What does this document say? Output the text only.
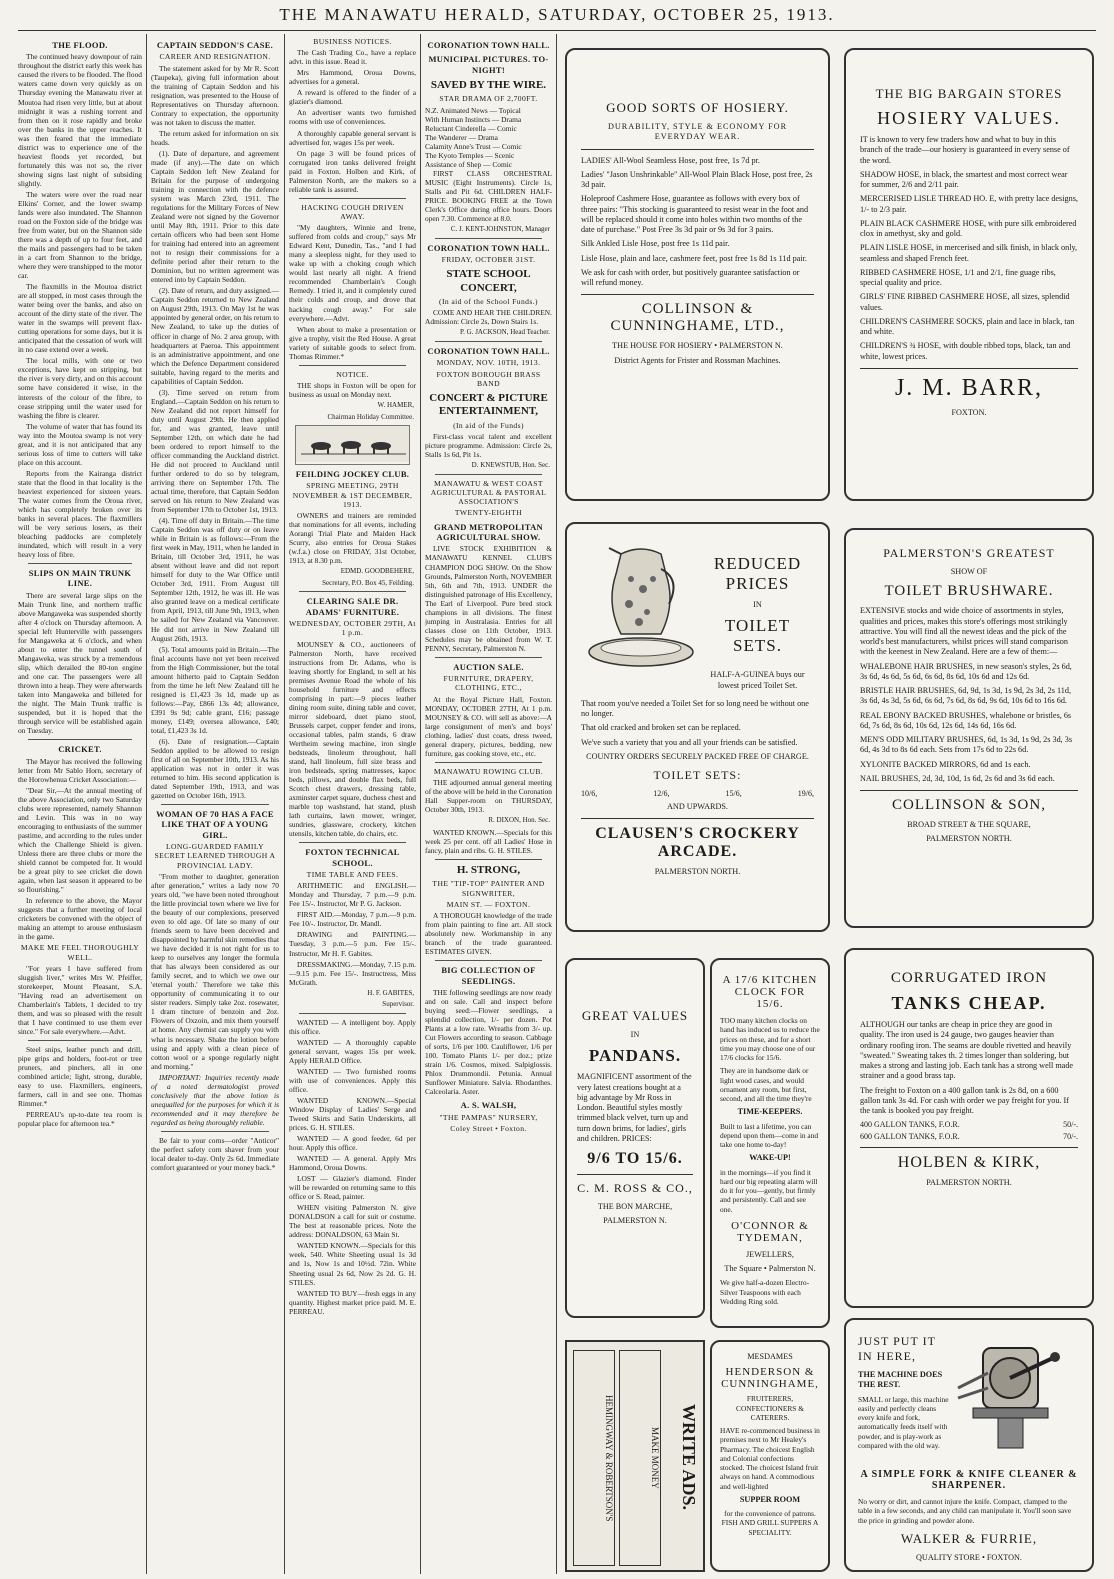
THE MANAWATU HERALD, SATURDAY, OCTOBER 25, 1913.
THE FLOOD.

The continued heavy downpour of rain throughout the district early this week has caused the rivers to be flooded. The flood waters came down very quickly as on Thursday evening the Manawatu river at Moutoa had risen very little, but at about midnight it was a rushing torrent and from then on it rose rapidly and broke over the banks in the upper reaches. It was then feared that the immediate district was to experience one of the heaviest floods yet recorded, but fortunately this was not so, the river showing signs last night of subsiding slightly.

The waters were over the road near Elkins' Corner, and the lower swamp lands were also inundated. The Shannon road on the Foxton side of the bridge was free from water, but on the Shannon side there was a depth of up to four feet, and the mails and passengers had to be taken in a cart from Shannon to the bridge, where they were transhipped to the motor car.

The flaxmills in the Moutoa district are all stopped, in most cases through the water being over the banks, and also on account of the dirty state of the river. The water in the swamps will prevent flax-cutting operations for some days, but it is anticipated that the cessation of work will in no case extend over a week.

The local mills, with one or two exceptions, have kept on stripping, but the river is very dirty, and on this account some have considered it wise, in the interests of the colour of the fibre, to cease stripping until the water used for washing the fibre is clearer.

The volume of water that has found its way into the Moutoa swamp is not very great, and it is not anticipated that any serious loss of time to cutters will take place on this account.

Reports from the Kairanga district state that the flood in that locality is the heaviest experienced for sixteen years. The water comes from the Oroua river, which has completely broken over its banks in several places. The flaxmillers will be very serious losers, as their bleaching paddocks are completely inundated, which will result in a very heavy loss of fibre.

SLIPS ON MAIN TRUNK LINE.

There are several large slips on the Main Trunk line, and northern traffic above Mangaweka was suspended shortly after 4 o'clock on Thursday afternoon. A special left Hunterville with passengers for Mangaweka at 6 o'clock, and when about to enter the tunnel south of Mangaweka, was struck by a tremendous slip, which derailed the 80-ton engine and one car. The passengers were all thrown into a heap. They were afterwards taken into Mangaweka and billeted for the night. The Main Trunk traffic is suspended, but it is hoped that the through service will be established again on Tuesday.

CRICKET.

The Mayor has received the following letter from Mr Sablo Horn, secretary of the Horowhenua Cricket Association:—

"Dear Sir,—At the annual meeting of the above Association, only two Saturday clubs were represented, namely Shannon and Levin. This was in no way encouraging to enthusiasts of the summer pastime, and according to the rules under which the Challenge Shield is given. Unless there are three clubs or more the shield cannot be competed for. It would be a great pity to see cricket die down again, when last season it appeared to be so flourishing."

In reference to the above, the Mayor suggests that a further meeting of local cricketers be convened with the object of making an attempt to arouse enthusiasm in the game.

MAKE ME FEEL THOROUGHLY WELL.

"For years I have suffered from sluggish liver," writes Mrs W. Pfeiffer, storekeeper, Mount Pleasant, S.A. "Having read an advertisement on Chamberlain's Tablets, I decided to try them, and was so pleased with the result that I have continued to use them ever since." For sale everywhere.—Advt.

Steel snips, leather punch and drill, pipe grips and holders, foot-rot or tree pruners, and pinchers, all in one combined article; light, strong, durable, easy to use. Flaxmillers, engineers, farmers, call in and see one. Thomas Rimmer.*

PERREAU's up-to-date tea room is popular place for afternoon tea.*

CAPTAIN SEDDON'S CASE.
CAREER AND RESIGNATION.

The statement asked for by Mr R. Scott (Taupeka), giving full information about the training of Captain Seddon and his resignation, was presented to the House of Representatives on Thursday afternoon. Contrary to expectation, the opportunity was not taken to discuss the matter.

The return asked for information on six heads.

(1). Date of departure, and agreement made (if any).—The date on which Captain Seddon left New Zealand for Britain for the purpose of undergoing training in connection with the defence system was March 23rd, 1911. The regulations for the Military Forces of New Zealand were not signed by the Governor until May 8th, 1911. Prior to this date certain officers who had been sent Home for training had entered into an agreement not to resign their commissions for a definite period after their return to the Dominion, but no written agreement was entered into by Captain Seddon.

(2). Date of return, and duty assigned.—Captain Seddon returned to New Zealand on August 29th, 1913. On May 1st he was appointed by general order, on his return to New Zealand, to take up the duties of officer in charge of No. 2 area group, with headquarters at Paeroa. This appointment is an administrative appointment, and one which the Defence Department considered suitable, having regard to the merits and capabilities of Captain Seddon.

(3). Time served on return from England.—Captain Seddon on his return to New Zealand did not report himself for duty until August 29th. He then applied for, and was granted, leave until September 12th, on which date he had been ordered to report himself to the officer commanding the Auckland district. He did not proceed to Auckland until further ordered to do so by telegram, arriving there on September 17th. The actual time, therefore, that Captain Seddon served on his return to New Zealand was from September 17th to October 1st, 1913.

(4). Time off duty in Britain.—The time Captain Seddon was off duty or on leave while in Britain is as follows:—From the first week in May, 1911, when he landed in Britain, till October 3rd, 1911, he was absent without leave and did not report himself for duty to the War Office until October 3rd, 1911. From August till September 12th, 1912, he was ill. He was also granted leave on a medical certificate from April, 1913, till June 9th, 1913, when he sailed for New Zealand via Vancouver. He did not arrive in New Zealand till August 26th, 1913.

(5). Total amounts paid in Britain.—The final accounts have not yet been received from the High Commissioner, but the total amount hitherto paid to Captain Seddon from the time he left New Zealand till he resigned is £1,423 3s 1d, made up as follows:—Pay, £866 13s 4d; allowance, £391 9s 9d; cable grant, £16; passage money, £149; oversea allowance, £40; total, £1,423 3s 1d.

(6). Date of resignation.—Captain Seddon applied to be allowed to resign first of all on September 10th, 1913. As his application was not in order it was returned to him. His second application is dated September 19th, 1913, and was gazetted on October 16th, 1913.

WOMAN OF 70 HAS A FACE LIKE THAT OF A YOUNG GIRL.
LONG-GUARDED FAMILY SECRET LEARNED THROUGH A PROVINCIAL LADY.

"From mother to daughter, generation after generation," writes a lady now 70 years old, "we have been noted throughout the little provincial town where we live for the beauty of our complexions, preserved even to old age. Of late so many of our friends seem to have been deceived and disappointed by harmful skin remedies that we have decided it is not right for us to keep to ourselves any longer the formula that has always been considered as our family secret, and to which we owe our 'eternal youth.' Therefore we take this opportunity of communicating it to our sister readers. Simply take 2oz. rosewater, 1 dram tincture of benzoin and 2oz. Flowers of Oxzoin, and mix them yourself at home. Any chemist can supply you with what is necessary. Shake the lotion before using and apply with a clean piece of cotton wool or a sponge regularly night and morning."

IMPORTANT: Inquiries recently made of a noted dermatologist proved conclusively that the above lotion is unequalled for the purposes for which it is recommended and it may therefore be regarded as being thoroughly reliable.

Be fair to your corns—order "Anticor" the perfect safety corn shaver from your local dealer to-day. Only 2s 6d. Immediate comfort guaranteed or your money back.*

BUSINESS NOTICES.

The Cash Trading Co., have a replace advt. in this issue. Read it.

Mrs Hammond, Oroua Downs, advertises for a general.

A reward is offered to the finder of a glazier's diamond.

An advertiser wants two furnished rooms with use of conveniences.

A thoroughly capable general servant is advertised for, wages 15s per week.

On page 3 will be found prices of corrugated iron tanks delivered freight paid in Foxton. Holben and Kirk, of Palmerston North, are the makers so a reliable tank is assured.

HACKING COUGH DRIVEN AWAY.

"My daughters, Winnie and Irene, suffered from colds and croup," says Mr Edward Kent, Dunedin, Tas., "and I had many a sleepless night, for they used to wake up with a choking cough which would last nearly all night. A friend recommended Chamberlain's Cough Remedy. I tried it, and it completely cured their colds and croup, and drove that hacking cough away." For sale everywhere.—Advt.

When about to make a presentation or give a trophy, visit the Red House. A great variety of suitable goods to select from. Thomas Rimmer.*

NOTICE.

THE shops in Foxton will be open for business as usual on Monday next.

W. HAMER,
Chairman Holiday Committee.
FEILDING JOCKEY CLUB.
SPRING MEETING, 29TH NOVEMBER & 1ST DECEMBER, 1913.

OWNERS and trainers are reminded that nominations for all events, including Aorangi Trial Plate and Maiden Hack Scurry, also entries for Oroua Stakes (w.f.a.) close on FRIDAY, 31st October, 1913, at 8.30 p.m.

EDMD. GOODBEHERE,
Secretary, P.O. Box 45, Feilding.
CLEARING SALE DR. ADAMS' FURNITURE.
WEDNESDAY, OCTOBER 29TH, At 1 p.m.

MOUNSEY & CO., auctioneers of Palmerston North, have received instructions from Dr. Adams, who is leaving shortly for England, to sell at his premises Avenue Road the whole of his household furniture and effects comprising in part:—9 pieces leather dining room suite, dining table and cover, mirror sideboard, duet piano stool, Brussels carpet, copper fender and irons, occasional tables, palm stands, 6 draw Wertheim sewing machine, iron single bedsteads, linoleum throughout, hall stand, hall linoleum, full size brass and iron bedsteads, spring mattresses, kapoc beds, pillows, and double flax beds, full Scotch chest drawers, dressing table, axminster carpet square, duchess chest and marble top washstand, hat stand, plush lath curtains, lawn mower, wringer, sundries, glassware, crockery, kitchen utensils, kitchen table, do chairs, etc.

FOXTON TECHNICAL SCHOOL.
TIME TABLE AND FEES.

ARITHMETIC and ENGLISH.—Monday and Thursday, 7 p.m.—9 p.m. Fee 15/-. Instructor, Mr P. G. Jackson.

FIRST AID.—Monday, 7 p.m.—9 p.m. Fee 10/-. Instructor, Dr. Mandl.

DRAWING and PAINTING.—Tuesday, 3 p.m.—5 p.m. Fee 15/-. Instructor, Mr H. F. Gabites.

DRESSMAKING.—Monday, 7.15 p.m.—9.15 p.m. Fee 15/-. Instructress, Miss McGrath.

H. F. GABITES,
Supervisor.

WANTED — A intelligent boy. Apply this office.

WANTED — A thoroughly capable general servant, wages 15s per week. Apply HERALD Office.

WANTED — Two furnished rooms with use of conveniences. Apply this office.

WANTED KNOWN.—Special Window Display of Ladies' Serge and Tweed Skirts and Satin Underskirts, all prices. G. H. STILES.

WANTED — A good feeder, 6d per hour. Apply this office.

WANTED — A general. Apply Mrs Hammond, Oroua Downs.

LOST — Glazier's diamond. Finder will be rewarded on returning same to this office or S. Read, painter.

WHEN visiting Palmerston N. give DONALDSON a call for suit or costume. The best at reasonable prices. Note the address: DONALDSON, 63 Main St.

WANTED KNOWN.—Specials for this week, 540. White Sheeting usual 1s 3d and 1s, Now 1s and 10½d. 72in. White Sheeting usual 2s 6d, Now 2s 2d. G. H. STILES.

WANTED TO BUY—fresh eggs in any quantity. Highest market price paid. M. E. PERREAU.

CORONATION TOWN HALL.
MUNICIPAL PICTURES. TO-NIGHT!
SAVED BY THE WIRE.
STAR DRAMA OF 2,700FT.
N.Z. Animated News — Topical
With Human Instincts — Drama
Reluctant Cinderella — Comic
The Wanderer — Drama
Calamity Anne's Trust — Comic
The Kyoto Temples — Scenic
Assistance of Shep — Comic

FIRST CLASS ORCHESTRAL MUSIC (Eight Instruments). Circle 1s, Stalls and Pit 6d. CHILDREN HALF-PRICE. BOOKING FREE at the Town Clerk's Office during office hours. Doors open 7.30. Commence at 8.0.

C. J. KENT-JOHNSTON, Manager
CORONATION TOWN HALL.
FRIDAY, OCTOBER 31ST.
STATE SCHOOL CONCERT,
(In aid of the School Funds.)

COME AND HEAR THE CHILDREN. Admission: Circle 2s, Down Stairs 1s.

P. G. JACKSON, Head Teacher.
CORONATION TOWN HALL.
MONDAY, NOV. 10TH, 1913.
FOXTON BOROUGH BRASS BAND
CONCERT & PICTURE ENTERTAINMENT,
(In aid of the Funds)

First-class vocal talent and excellent picture programme. Admission: Circle 2s, Stalls 1s 6d, Pit 1s.

D. KNEWSTUB, Hon. Sec.
MANAWATU & WEST COAST AGRICULTURAL & PASTORAL ASSOCIATION'S
TWENTY-EIGHTH
GRAND METROPOLITAN AGRICULTURAL SHOW.

LIVE STOCK EXHIBITION & MANAWATU KENNEL CLUB'S CHAMPION DOG SHOW. On the Show Grounds, Palmerston North, NOVEMBER 5th, 6th and 7th, 1913. UNDER the distinguished patronage of His Excellency, The Earl of Liverpool. Pure bred stock champions in all divisions. The finest jumping in Australasia. Entries for all classes close on 11th October, 1913. Schedules may be obtained from W. T. PENNY, Secretary, Palmerston N.

AUCTION SALE.
FURNITURE, DRAPERY, CLOTHING, ETC.,

At the Royal Picture Hall, Foxton. MONDAY, OCTOBER 27TH, At 1 p.m. MOUNSEY & CO. will sell as above:—A large consignment of men's and boys' clothing, ladies' dust coats, dress tweed, general drapery, pictures, bedding, new furniture, gas cooking stove, etc., etc.

MANAWATU ROWING CLUB.

THE adjourned annual general meeting of the above will be held in the Coronation Hall Supper-room on THURSDAY, October 30th, 1913.

R. DIXON, Hon. Sec.

WANTED KNOWN.—Specials for this week 25 per cent. off all Ladies' Hose in fancy, plain and ribs. G. H. STILES.

H. STRONG,
THE "TIP-TOP" PAINTER AND SIGNWRITER,
MAIN ST. — FOXTON.

A THOROUGH knowledge of the trade from plain painting to fine art. All stock absolutely new. Workmanship in any branch of the trade guaranteed. ESTIMATES GIVEN.

BIG COLLECTION OF SEEDLINGS.

THE following seedlings are now ready and on sale. Call and inspect before buying seed:—Flower seedlings, a splendid collection, 1/- per dozen. Pot Plants at a low rate. Wreaths from 3/- up. Cut Flowers according to season. Cabbage of sorts, 1/6 per 100. Cauliflower, 1/6 per 100. Tomato Plants 1/- per doz.; prize strain 1/6. Cosmos, mixed. Salpiglossis. Phlox Drummondii. Petunia. Annual Sunflower Miniature. Salvia. Rhodanthes. Calceolaria. Aster.

A. S. WALSH,
"THE PAMPAS" NURSERY,
Coley Street • Foxton.
GOOD SORTS OF HOSIERY.
DURABILITY, STYLE & ECONOMY FOR EVERYDAY WEAR.
LADIES' All-Wool Seamless Hose, post free, 1s 7d pr.
Ladies' "Jason Unshrinkable" All-Wool Plain Black Hose, post free, 2s 3d pair.
Holeproof Cashmere Hose, guarantee as follows with every box of three pairs: "This stocking is guaranteed to resist wear in the foot and will be replaced should it come into holes within two months of the date of purchase." Post Free 3s 3d pair or 9s 3d for 3 pairs.
Silk Ankled Lisle Hose, post free 1s 11d pair.
Lisle Hose, plain and lace, cashmere feet, post free 1s 8d 1s 11d pair.
We ask for cash with order, but positively guarantee satisfaction or will refund money.
COLLINSON & CUNNINGHAME, LTD.,
THE HOUSE FOR HOSIERY • PALMERSTON N.
District Agents for Frister and Rossman Machines.
THE BIG BARGAIN STORES
HOSIERY VALUES.
IT is known to very few traders how and what to buy in this branch of the trade—our hosiery is guaranteed in every sense of the word.
SHADOW HOSE, in black, the smartest and most correct wear for summer, 2/6 and 2/11 pair.
MERCERISED LISLE THREAD HO. E, with pretty lace designs, 1/- to 2/3 pair.
PLAIN BLACK CASHMERE HOSE, with pure silk embroidered clox in amethyst, sky and gold.
PLAIN LISLE HOSE, in mercerised and silk finish, in black only, seamless and shaped French feet.
RIBBED CASHMERE HOSE, 1/1 and 2/1, fine guage ribs, special quality and price.
GIRLS' FINE RIBBED CASHMERE HOSE, all sizes, splendid values.
CHILDREN'S CASHMERE SOCKS, plain and lace in black, tan and white.
CHILDREN'S ¾ HOSE, with double ribbed tops, black, tan and white, lowest prices.
J. M. BARR,
FOXTON.
REDUCED PRICES
IN
TOILET SETS.
HALF-A-GUINEA buys our lowest priced Toilet Set.
That room you've needed a Toilet Set for so long need be without one no longer.
That old cracked and broken set can be replaced.
We've such a variety that you and all your friends can be satisfied.
COUNTRY ORDERS SECURELY PACKED FREE OF CHARGE.
TOILET SETS:
10/6,	12/6,	15/6,	19/6,
AND UPWARDS.
CLAUSEN'S CROCKERY ARCADE.
PALMERSTON NORTH.
PALMERSTON'S GREATEST
SHOW OF
TOILET BRUSHWARE.
EXTENSIVE stocks and wide choice of assortments in styles, qualities and prices, makes this store's offerings most strikingly attractive. You will find all the newest ideas and the pick of the world's best manufacturers, whilst prices will stand comparison with the keenest in New Zealand. Here are a few of them:—
WHALEBONE HAIR BRUSHES, in new season's styles, 2s 6d, 3s 6d, 4s 6d, 5s 6d, 6s 6d, 8s 6d, 10s 6d and 12s 6d.
BRISTLE HAIR BRUSHES, 6d, 9d, 1s 3d, 1s 9d, 2s 3d, 2s 11d, 3s 6d, 4s 3d, 5s 6d, 6s 6d, 7s 6d, 8s 6d, 9s 6d, 10s 6d to 16s 6d.
REAL EBONY BACKED BRUSHES, whalebone or bristles, 6s 6d, 7s 6d, 8s 6d, 10s 6d, 12s 6d, 14s 6d, 16s 6d.
MEN'S ODD MILITARY BRUSHES, 6d, 1s 3d, 1s 9d, 2s 3d, 3s 6d, 4s 3d to 8s 6d each. Sets from 17s 6d to 22s 6d.
XYLONITE BACKED MIRRORS, 6d and 1s each.
NAIL BRUSHES, 2d, 3d, 10d, 1s 6d, 2s 6d and 3s 6d each.
COLLINSON & SON,
BROAD STREET & THE SQUARE,
PALMERSTON NORTH.
GREAT VALUES
IN
PANDANS.
MAGNIFICENT assortment of the very latest creations bought at a big advantage by Mr Ross in London. Beautiful styles mostly trimmed black velvet, turn up and turn down brims, for ladies', girls and children. PRICES:
9/6 TO 15/6.
C. M. ROSS & CO.,
THE BON MARCHE,
PALMERSTON N.
A 17/6 KITCHEN CLOCK FOR 15/6.
TOO many kitchen clocks on hand has induced us to reduce the prices on these, and for a short time you may choose one of our 17/6 clocks for 15/6.
They are in handsome dark or light wood cases, and would ornament any room, but first, second, and all the time they're
TIME-KEEPERS.
Built to last a lifetime, you can depend upon them—come in and take one home to-day!
WAKE-UP!
in the mornings—if you find it hard our big repeating alarm will do it for you—gently, but firmly and persistently. Call and see one.
O'CONNOR & TYDEMAN,
JEWELLERS,
The Square • Palmerston N.
We give half-a-dozen Electro-Silver Teaspoons with each Wedding Ring sold.
HEMINGWAY & ROBERTSON'S	MAKE MONEY	WRITE ADS.
MESDAMES
HENDERSON & CUNNINGHAME,
FRUITERERS, CONFECTIONERS & CATERERS.
HAVE re-commenced business in premises next to Mr Healey's Pharmacy. The choicest English and Colonial confections stocked. The choicest Island fruit always on hand. A commodious and well-lighted
SUPPER ROOM
for the convenience of patrons. FISH AND GRILL SUPPERS A SPECIALITY.
CORRUGATED IRON
TANKS CHEAP.
ALTHOUGH our tanks are cheap in price they are good in quality. The iron used is 24 gauge, two gauges heavier than ordinary roofing iron. The seams are double rivetted and heavily "sweated." Sweating takes th. 2 times longer than soldering, but makes a strong and lasting job. Each tank has a strong well made strainer and a good brass tap.
The freight to Foxton on a 400 gallon tank is 2s 8d, on a 600 gallon tank 3s 4d. For cash with order we pay freight for you. If the tank is booked you pay freight.
400 GALLON TANKS, F.O.R.	50/-.
600 GALLON TANKS, F.O.R.	70/-.
HOLBEN & KIRK,
PALMERSTON NORTH.
JUST PUT IT IN HERE,
THE MACHINE DOES THE REST.
SMALL or large, this machine easily and perfectly cleans every knife and fork, automatically feeds itself with powder, and is play-work as compared with the old way.
A SIMPLE FORK & KNIFE CLEANER & SHARPENER.
No worry or dirt, and cannot injure the knife. Compact, clamped to the table in a few seconds, and any child can manipulate it. You'll soon save the price in grinding and powder alone.
WALKER & FURRIE,
QUALITY STORE • FOXTON.
